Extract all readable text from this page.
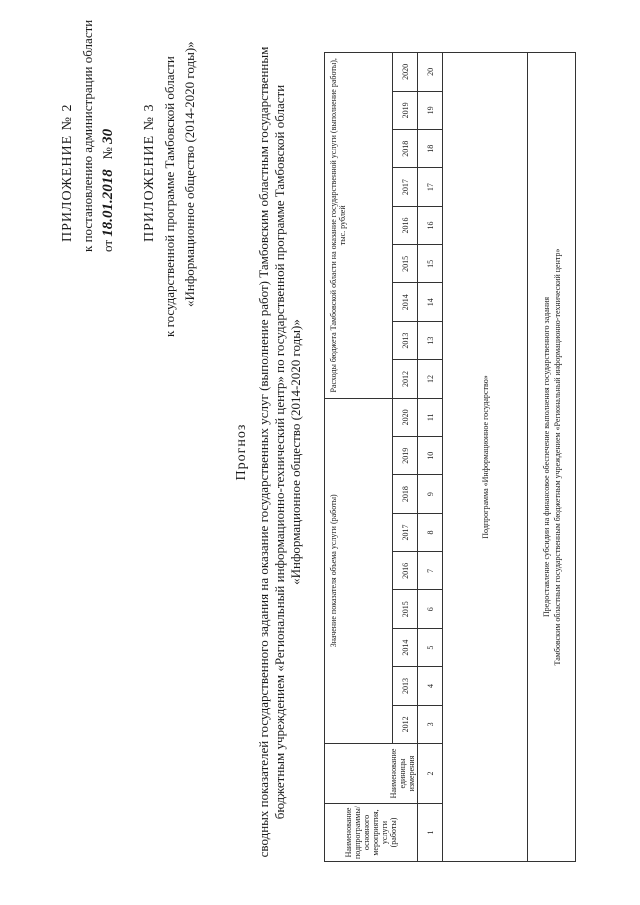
ПРИЛОЖЕНИЕ № 2 к постановлению администрации области от 18.01.2018   № 30 ПРИЛОЖЕНИЕ № 3 к государственной программе Тамбовской области «Информационное общество (2014-2020 годы)»
Прогноз сводных показателей государственного задания на оказание государственных услуг (выполнение работ) Тамбовским областным государственным бюджетным учреждением «Региональный информационно-технический центр» по государственной программе Тамбовской области «Информационное общество (2014-2020 годы)»
Наименование подпрограммы/ основного мероприятия, услуги (работы)	Наименование единицы измерения	Значение показателя объема услуги (работы)									Расходы бюджета Тамбовской области на оказание государственной услуги (выполнение работы), тыс. рублей								
		2012	2013	2014	2015	2016	2017	2018	2019	2020	2012	2013	2014	2015	2016	2017	2018	2019	2020
1	2	3	4	5	6	7	8	9	10	11	12	13	14	15	16	17	18	19	20
Подпрограмма «Информационное государство»																			

Предоставление субсидии на финансовое обеспечение выполнения государственного задания Тамбовским областным государственным бюджетным учреждением «Региональный информационно-технический центр»																			
